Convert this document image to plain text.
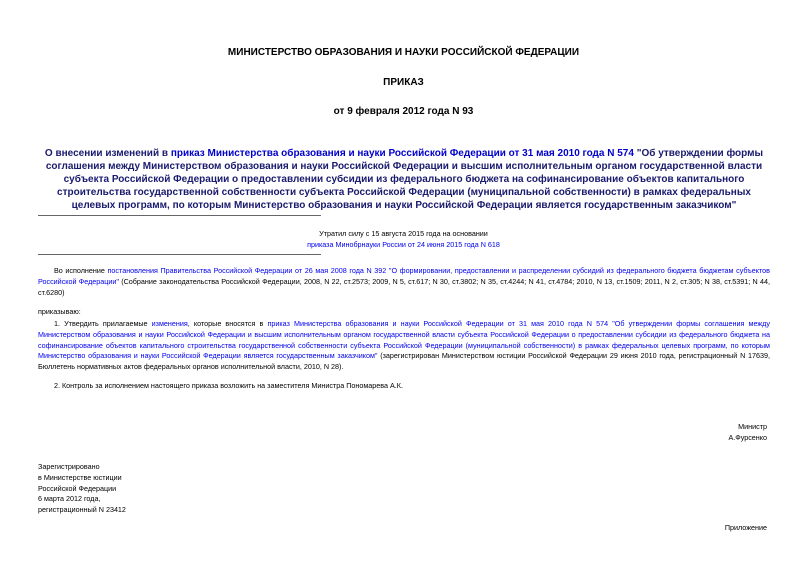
МИНИСТЕРСТВО ОБРАЗОВАНИЯ И НАУКИ РОССИЙСКОЙ ФЕДЕРАЦИИ
ПРИКАЗ
от 9 февраля 2012 года N 93
О внесении изменений в приказ Министерства образования и науки Российской Федерации от 31 мая 2010 года N 574 "Об утверждении формы соглашения между Министерством образования и науки Российской Федерации и высшим исполнительным органом государственной власти субъекта Российской Федерации о предоставлении субсидии из федерального бюджета на софинансирование объектов капитального строительства государственной собственности субъекта Российской Федерации (муниципальной собственности) в рамках федеральных целевых программ, по которым Министерство образования и науки Российской Федерации является государственным заказчиком"
Утратил силу с 15 августа 2015 года на основании
приказа Минобрнауки России от 24 июня 2015 года N 618
Во исполнение постановления Правительства Российской Федерации от 26 мая 2008 года N 392 "О формировании, предоставлении и распределении субсидий из федерального бюджета бюджетам субъектов Российской Федерации" (Собрание законодательства Российской Федерации, 2008, N 22, ст.2573; 2009, N 5, ст.617; N 30, ст.3802; N 35, ст.4244; N 41, ст.4784; 2010, N 13, ст.1509; 2011, N 2, ст.305; N 38, ст.5391; N 44, ст.6280)
приказываю:
1. Утвердить прилагаемые изменения, которые вносятся в приказ Министерства образования и науки Российской Федерации от 31 мая 2010 года N 574 "Об утверждении формы соглашения между Министерством образования и науки Российской Федерации и высшим исполнительным органом государственной власти субъекта Российской Федерации о предоставлении субсидии из федерального бюджета на софинансирование объектов капитального строительства государственной собственности субъекта Российской Федерации (муниципальной собственности) в рамках федеральных целевых программ, по которым Министерство образования и науки Российской Федерации является государственным заказчиком" (зарегистрирован Министерством юстиции Российской Федерации 29 июня 2010 года, регистрационный N 17639, Бюллетень нормативных актов федеральных органов исполнительной власти, 2010, N 28).
2. Контроль за исполнением настоящего приказа возложить на заместителя Министра Пономарева А.К.
Министр
А.Фурсенко
Зарегистрировано
в Министерстве юстиции
Российской Федерации
6 марта 2012 года,
регистрационный N 23412
Приложение
